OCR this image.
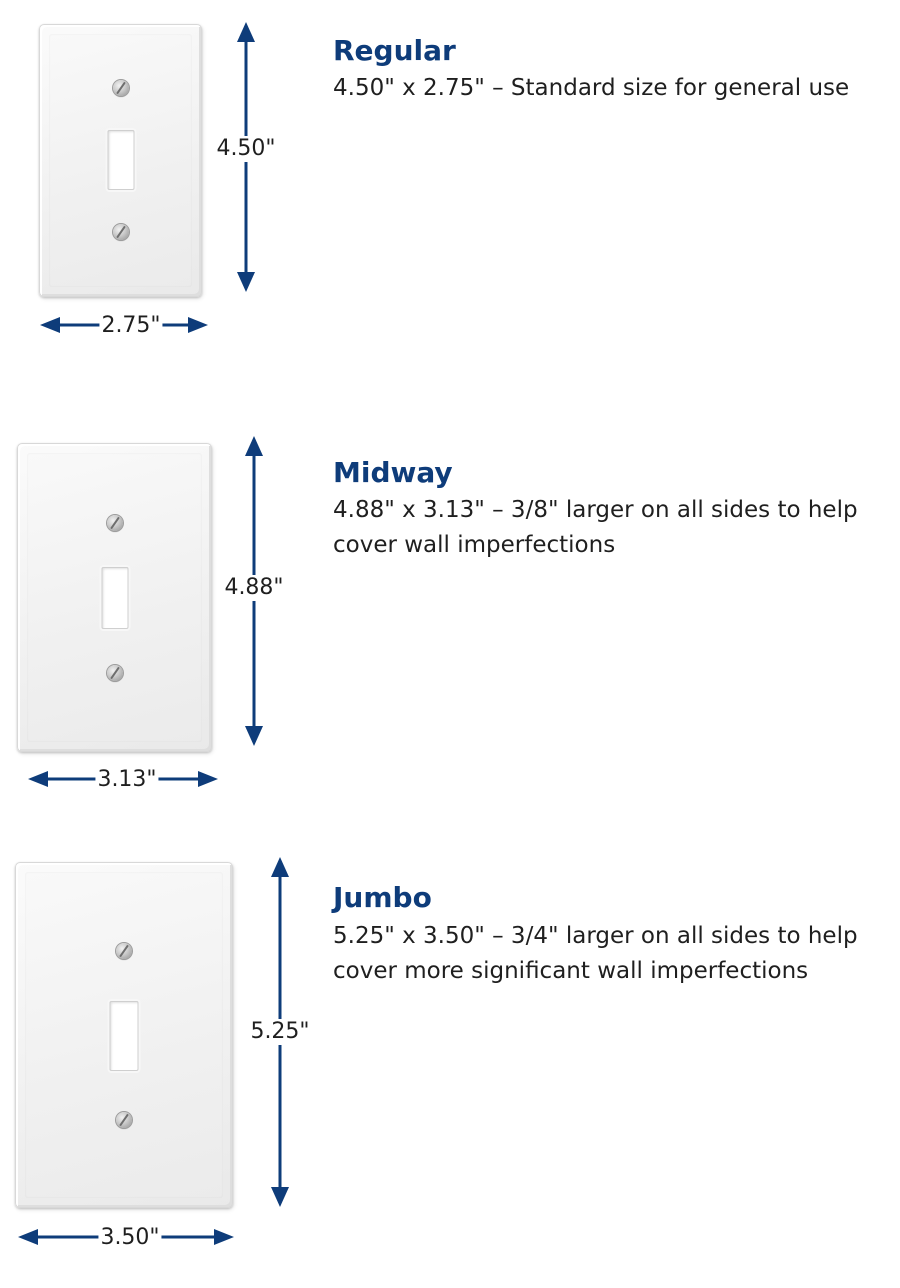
4.50"
2.75"
Regular
4.50" x 2.75" – Standard size for general use
4.88"
3.13"
Midway
4.88" x 3.13" – 3/8" larger on all sides to help cover wall imperfections
5.25"
3.50"
Jumbo
5.25" x 3.50" – 3/4" larger on all sides to help cover more significant wall imperfections
